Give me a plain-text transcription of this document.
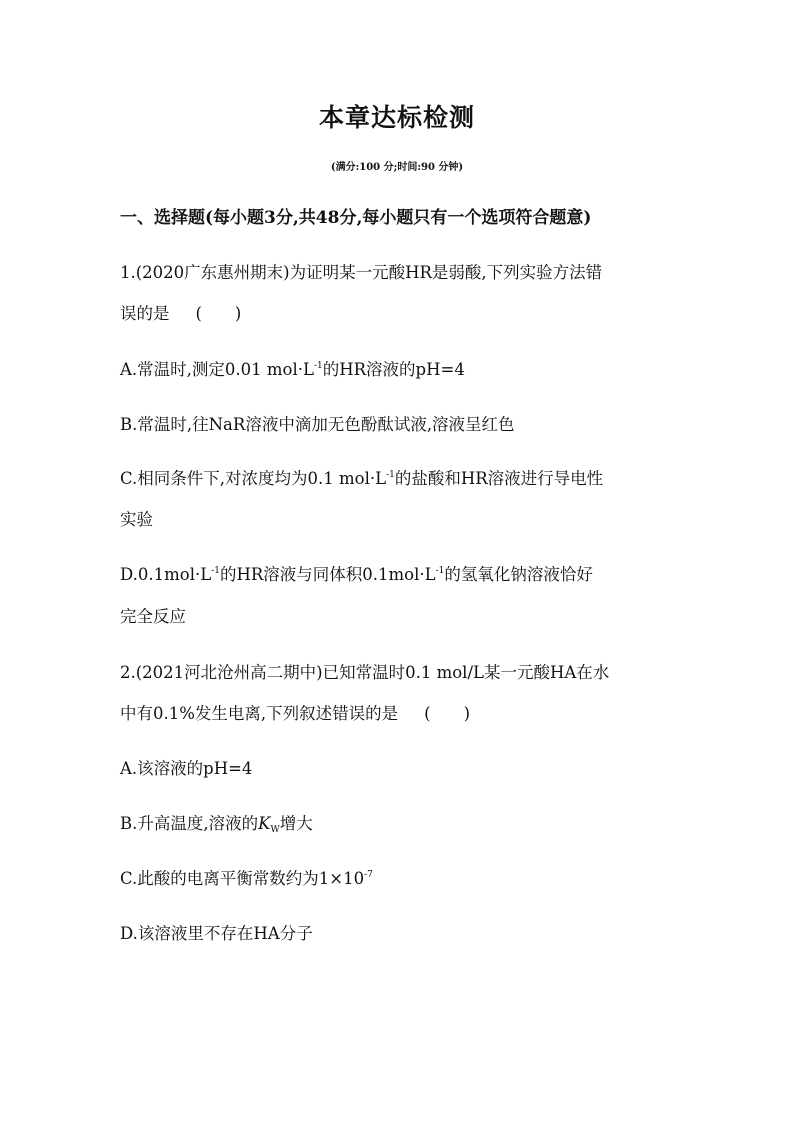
本章达标检测
(满分:100 分;时间:90 分钟)
一、选择题(每小题3分,共48分,每小题只有一个选项符合题意)
1.(2020广东惠州期末)为证明某一元酸HR是弱酸,下列实验方法错
误的是 (　　)
A.常温时,测定0.01 $mol\cdot L^{-1}$的HR溶液的pH=4
B.常温时,往NaR溶液中滴加无色酚酞试液,溶液呈红色
C.相同条件下,对浓度均为0.1 $mol\cdot L^{-1}$的盐酸和HR溶液进行导电性
实验
$D.0.1mol\cdot L^{-1}$的HR溶液与同体积$0.1mol\cdot L^{-1}$的氢氧化钠溶液恰好
完全反应
2.(2021河北沧州高二期中)已知常温时0.1 mol/L某一元酸HA在水
中有0.1%发生电离,下列叙述错误的是 (　　)
A.该溶液的pH=4
B.升高温度,溶液的$K_W$增大
C.此酸的电离平衡常数约为$1\times 10^{-7}$
D.该溶液里不存在HA分子
